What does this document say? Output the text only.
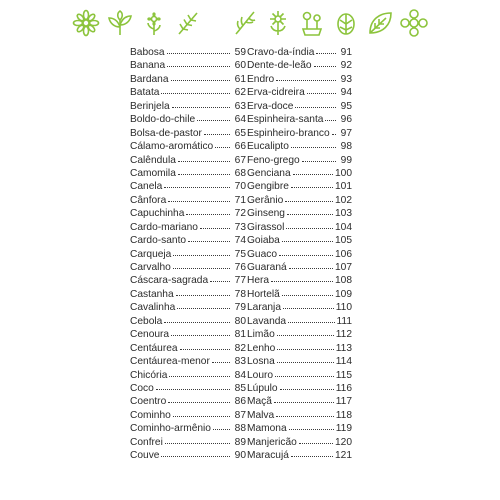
Babosa	59
Banana	60
Bardana	61
Batata	62
Berinjela	63
Boldo-do-chile	64
Bolsa-de-pastor	65
Cálamo-aromático 66
Calêndula	67
Camomila	68
Canela	70
Cânfora	71
Capuchinha	72
Cardo-mariano	73
Cardo-santo	74
Carqueja	75
Carvalho	76
Cáscara-sagrada	77
Castanha	78
Cavalinha	79
Cebola	80
Cenoura	81
Centáurea	82
Centáurea-menor 83
Chicória	84
Coco	85
Coentro	86
Cominho	87
Cominho-armênio 88
Confrei	89
Couve	90
Cravo-da-índia	91
Dente-de-leão	92
Endro	93
Erva-cidreira	94
Erva-doce	95
Espinheira-santa 96
Espinheiro-branco 97
Eucalipto	98
Feno-grego	99
Genciana	100
Gengibre	101
Gerânio	102
Ginseng	103
Girassol	104
Goiaba	105
Guaco	106
Guaraná	107
Hera	108
Hortelã	109
Laranja	110
Lavanda	111
Limão	112
Lenho	113
Losna	114
Louro	115
Lúpulo	116
Maçã	117
Malva	118
Mamona	119
Manjericão	120
Maracujá	121
